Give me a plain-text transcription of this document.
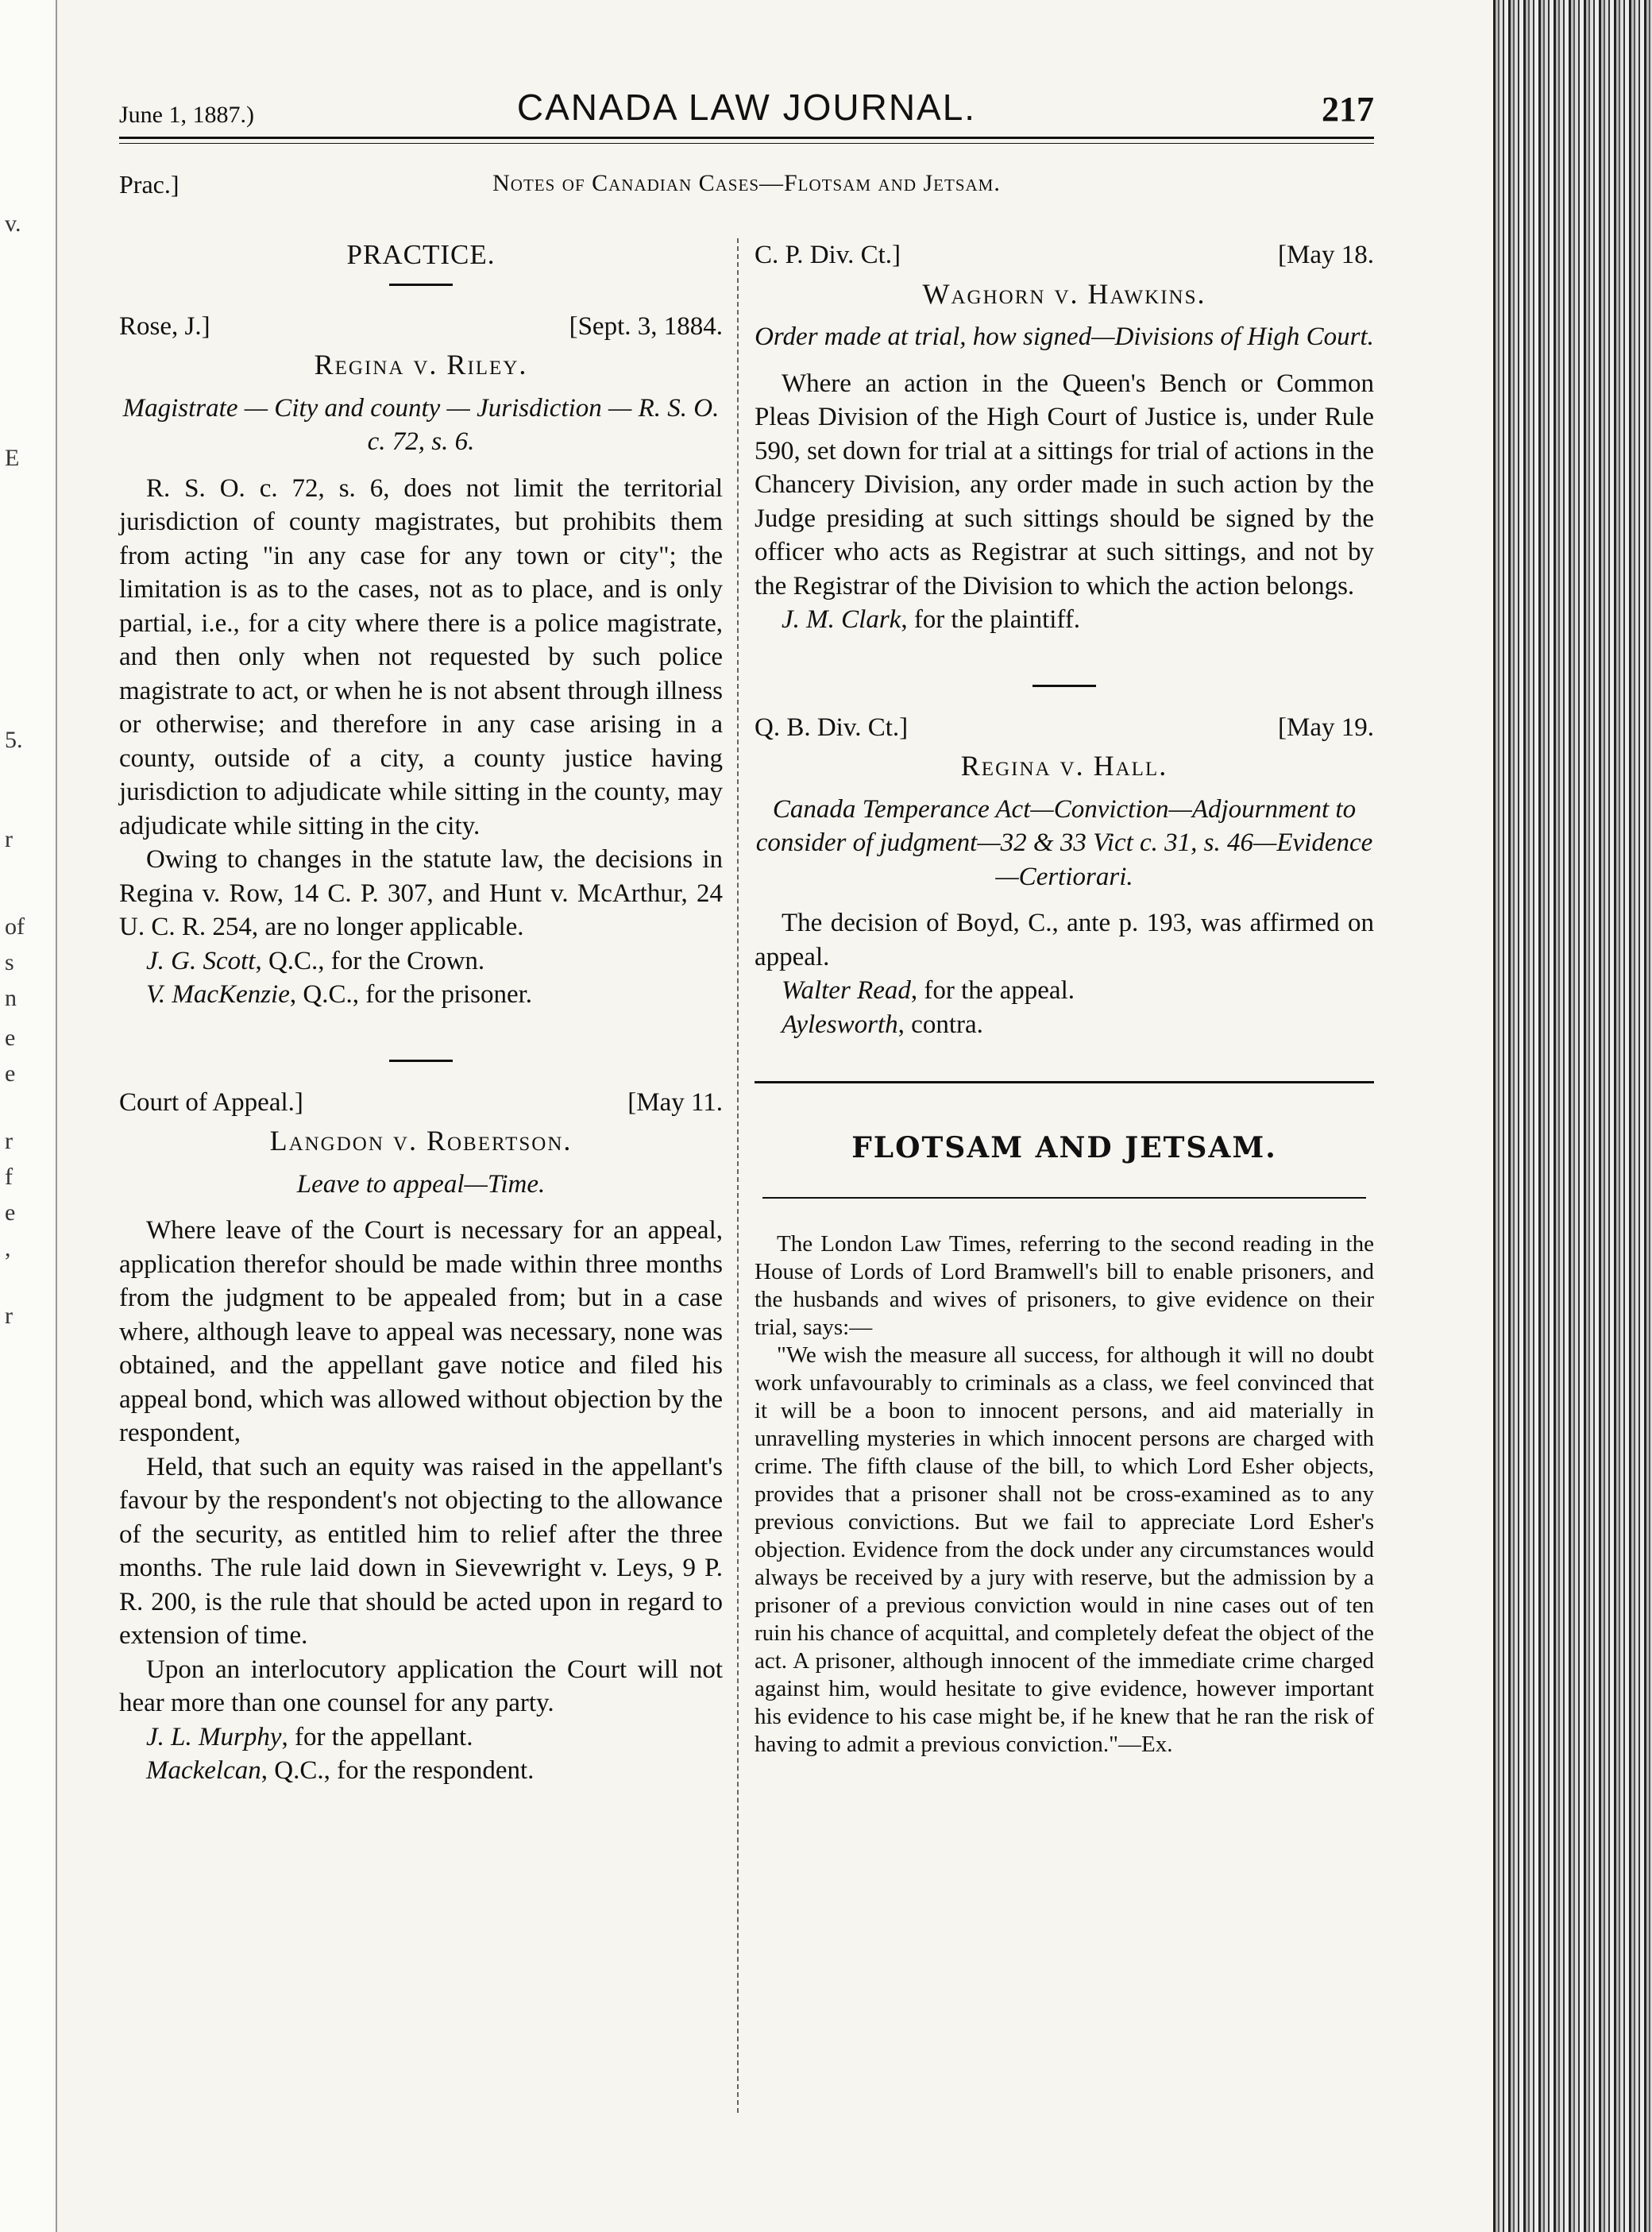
v.
E
5.
r
of
s
n
e
e
r
f
e
,
r
June 1, 1887.)	CANADA LAW JOURNAL.	217
Notes of Canadian Cases—Flotsam and Jetsam.
Prac.]
PRACTICE.
Rose, J.]	[Sept. 3, 1884.
Regina v. Riley.
Magistrate — City and county — Jurisdiction — R. S. O. c. 72, s. 6.

R. S. O. c. 72, s. 6, does not limit the territorial jurisdiction of county magistrates, but prohibits them from acting "in any case for any town or city"; the limitation is as to the cases, not as to place, and is only partial, i.e., for a city where there is a police magistrate, and then only when not requested by such police magistrate to act, or when he is not absent through illness or otherwise; and therefore in any case arising in a county, outside of a city, a county justice having jurisdiction to adjudicate while sitting in the county, may adjudicate while sitting in the city.

Owing to changes in the statute law, the decisions in Regina v. Row, 14 C. P. 307, and Hunt v. McArthur, 24 U. C. R. 254, are no longer applicable.

J. G. Scott, Q.C., for the Crown.

V. MacKenzie, Q.C., for the prisoner.

Court of Appeal.]	[May 11.
Langdon v. Robertson.
Leave to appeal—Time.

Where leave of the Court is necessary for an appeal, application therefor should be made within three months from the judgment to be appealed from; but in a case where, although leave to appeal was necessary, none was obtained, and the appellant gave notice and filed his appeal bond, which was allowed without objection by the respondent,

Held, that such an equity was raised in the appellant's favour by the respondent's not objecting to the allowance of the security, as entitled him to relief after the three months. The rule laid down in Sievewright v. Leys, 9 P. R. 200, is the rule that should be acted upon in regard to extension of time.

Upon an interlocutory application the Court will not hear more than one counsel for any party.

J. L. Murphy, for the appellant.

Mackelcan, Q.C., for the respondent.

C. P. Div. Ct.]	[May 18.
Waghorn v. Hawkins.
Order made at trial, how signed—Divisions of High Court.

Where an action in the Queen's Bench or Common Pleas Division of the High Court of Justice is, under Rule 590, set down for trial at a sittings for trial of actions in the Chancery Division, any order made in such action by the Judge presiding at such sittings should be signed by the officer who acts as Registrar at such sittings, and not by the Registrar of the Division to which the action belongs.

J. M. Clark, for the plaintiff.

Q. B. Div. Ct.]	[May 19.
Regina v. Hall.
Canada Temperance Act—Conviction—Adjournment to consider of judgment—32 & 33 Vict c. 31, s. 46—Evidence—Certiorari.

The decision of Boyd, C., ante p. 193, was affirmed on appeal.

Walter Read, for the appeal.

Aylesworth, contra.

FLOTSAM AND JETSAM.

The London Law Times, referring to the second reading in the House of Lords of Lord Bramwell's bill to enable prisoners, and the husbands and wives of prisoners, to give evidence on their trial, says:—

"We wish the measure all success, for although it will no doubt work unfavourably to criminals as a class, we feel convinced that it will be a boon to innocent persons, and aid materially in unravelling mysteries in which innocent persons are charged with crime. The fifth clause of the bill, to which Lord Esher objects, provides that a prisoner shall not be cross-examined as to any previous convictions. But we fail to appreciate Lord Esher's objection. Evidence from the dock under any circumstances would always be received by a jury with reserve, but the admission by a prisoner of a previous conviction would in nine cases out of ten ruin his chance of acquittal, and completely defeat the object of the act. A prisoner, although innocent of the immediate crime charged against him, would hesitate to give evidence, however important his evidence to his case might be, if he knew that he ran the risk of having to admit a previous conviction."—Ex.
